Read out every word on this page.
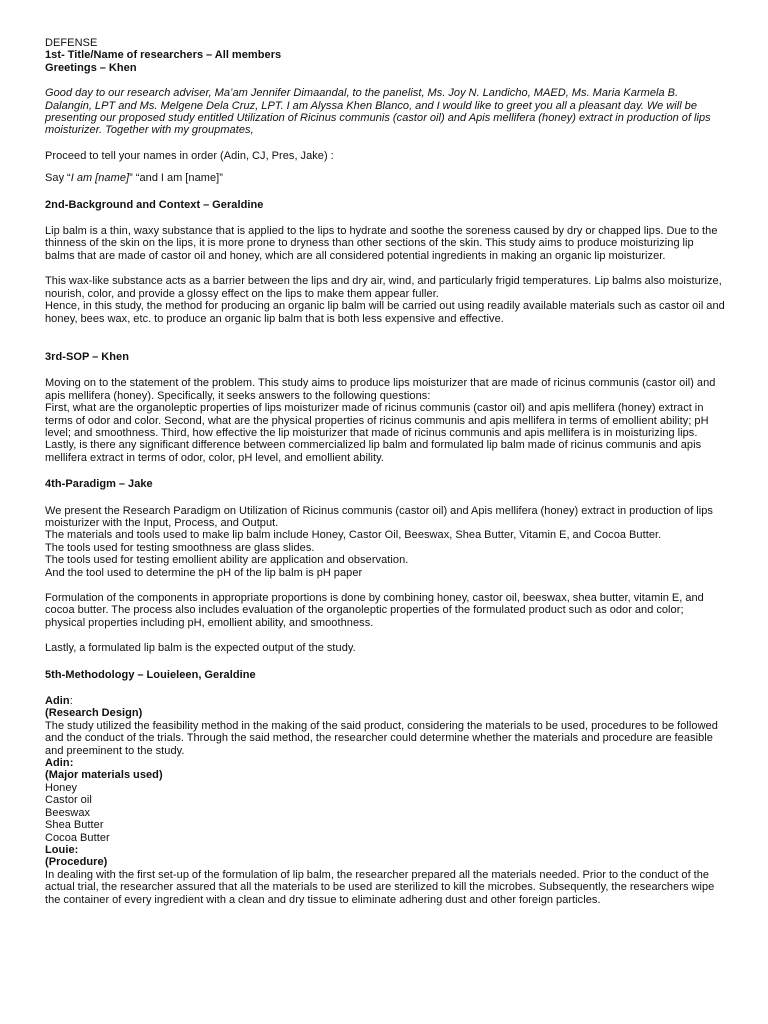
DEFENSE

1st- Title/Name of researchers – All members

Greetings – Khen

Good day to our research adviser, Ma’am Jennifer Dimaandal, to the panelist, Ms. Joy N. Landicho, MAED, Ms. Maria Karmela B. Dalangin, LPT and Ms. Melgene Dela Cruz, LPT. I am Alyssa Khen Blanco, and I would like to greet you all a pleasant day. We will be presenting our proposed study entitled Utilization of Ricinus communis (castor oil) and Apis mellifera (honey) extract in production of lips moisturizer. Together with my groupmates,

Proceed to tell your names in order (Adin, CJ, Pres, Jake) :

Say “I am [name]” “and I am [name]”

2nd-Background and Context – Geraldine

Lip balm is a thin, waxy substance that is applied to the lips to hydrate and soothe the soreness caused by dry or chapped lips. Due to the thinness of the skin on the lips, it is more prone to dryness than other sections of the skin. This study aims to produce moisturizing lip balms that are made of castor oil and honey, which are all considered potential ingredients in making an organic lip moisturizer.

This wax-like substance acts as a barrier between the lips and dry air, wind, and particularly frigid temperatures. Lip balms also moisturize, nourish, color, and provide a glossy effect on the lips to make them appear fuller.

Hence, in this study, the method for producing an organic lip balm will be carried out using readily available materials such as castor oil and honey, bees wax, etc. to produce an organic lip balm that is both less expensive and effective.

3rd-SOP – Khen

Moving on to the statement of the problem. This study aims to produce lips moisturizer that are made of ricinus communis (castor oil) and apis mellifera (honey). Specifically, it seeks answers to the following questions:

First, what are the organoleptic properties of lips moisturizer made of ricinus communis (castor oil) and apis mellifera (honey) extract in terms of odor and color. Second, what are the physical properties of ricinus communis and apis mellifera in terms of emollient ability; pH level; and smoothness. Third, how effective the lip moisturizer that made of ricinus communis and apis mellifera is in moisturizing lips. Lastly, is there any significant difference between commercialized lip balm and formulated lip balm made of ricinus communis and apis mellifera extract in terms of odor, color, pH level, and emollient ability.

4th-Paradigm – Jake

We present the Research Paradigm on Utilization of Ricinus communis (castor oil) and Apis mellifera (honey) extract in production of lips moisturizer with the Input, Process, and Output.

The materials and tools used to make lip balm include Honey, Castor Oil, Beeswax, Shea Butter, Vitamin E, and Cocoa Butter.

The tools used for testing smoothness are glass slides.

The tools used for testing emollient ability are application and observation.

And the tool used to determine the pH of the lip balm is pH paper

Formulation of the components in appropriate proportions is done by combining honey, castor oil, beeswax, shea butter, vitamin E, and cocoa butter. The process also includes evaluation of the organoleptic properties of the formulated product such as odor and color; physical properties including pH, emollient ability, and smoothness.

Lastly, a formulated lip balm is the expected output of the study.

5th-Methodology – Louieleen, Geraldine

Adin:

(Research Design)

The study utilized the feasibility method in the making of the said product, considering the materials to be used, procedures to be followed and the conduct of the trials. Through the said method, the researcher could determine whether the materials and procedure are feasible and preeminent to the study.

Adin:

(Major materials used)

Honey

Castor oil

Beeswax

Shea Butter

Cocoa Butter

Louie:

(Procedure)

In dealing with the first set-up of the formulation of lip balm, the researcher prepared all the materials needed. Prior to the conduct of the actual trial, the researcher assured that all the materials to be used are sterilized to kill the microbes. Subsequently, the researchers wipe the container of every ingredient with a clean and dry tissue to eliminate adhering dust and other foreign particles.
